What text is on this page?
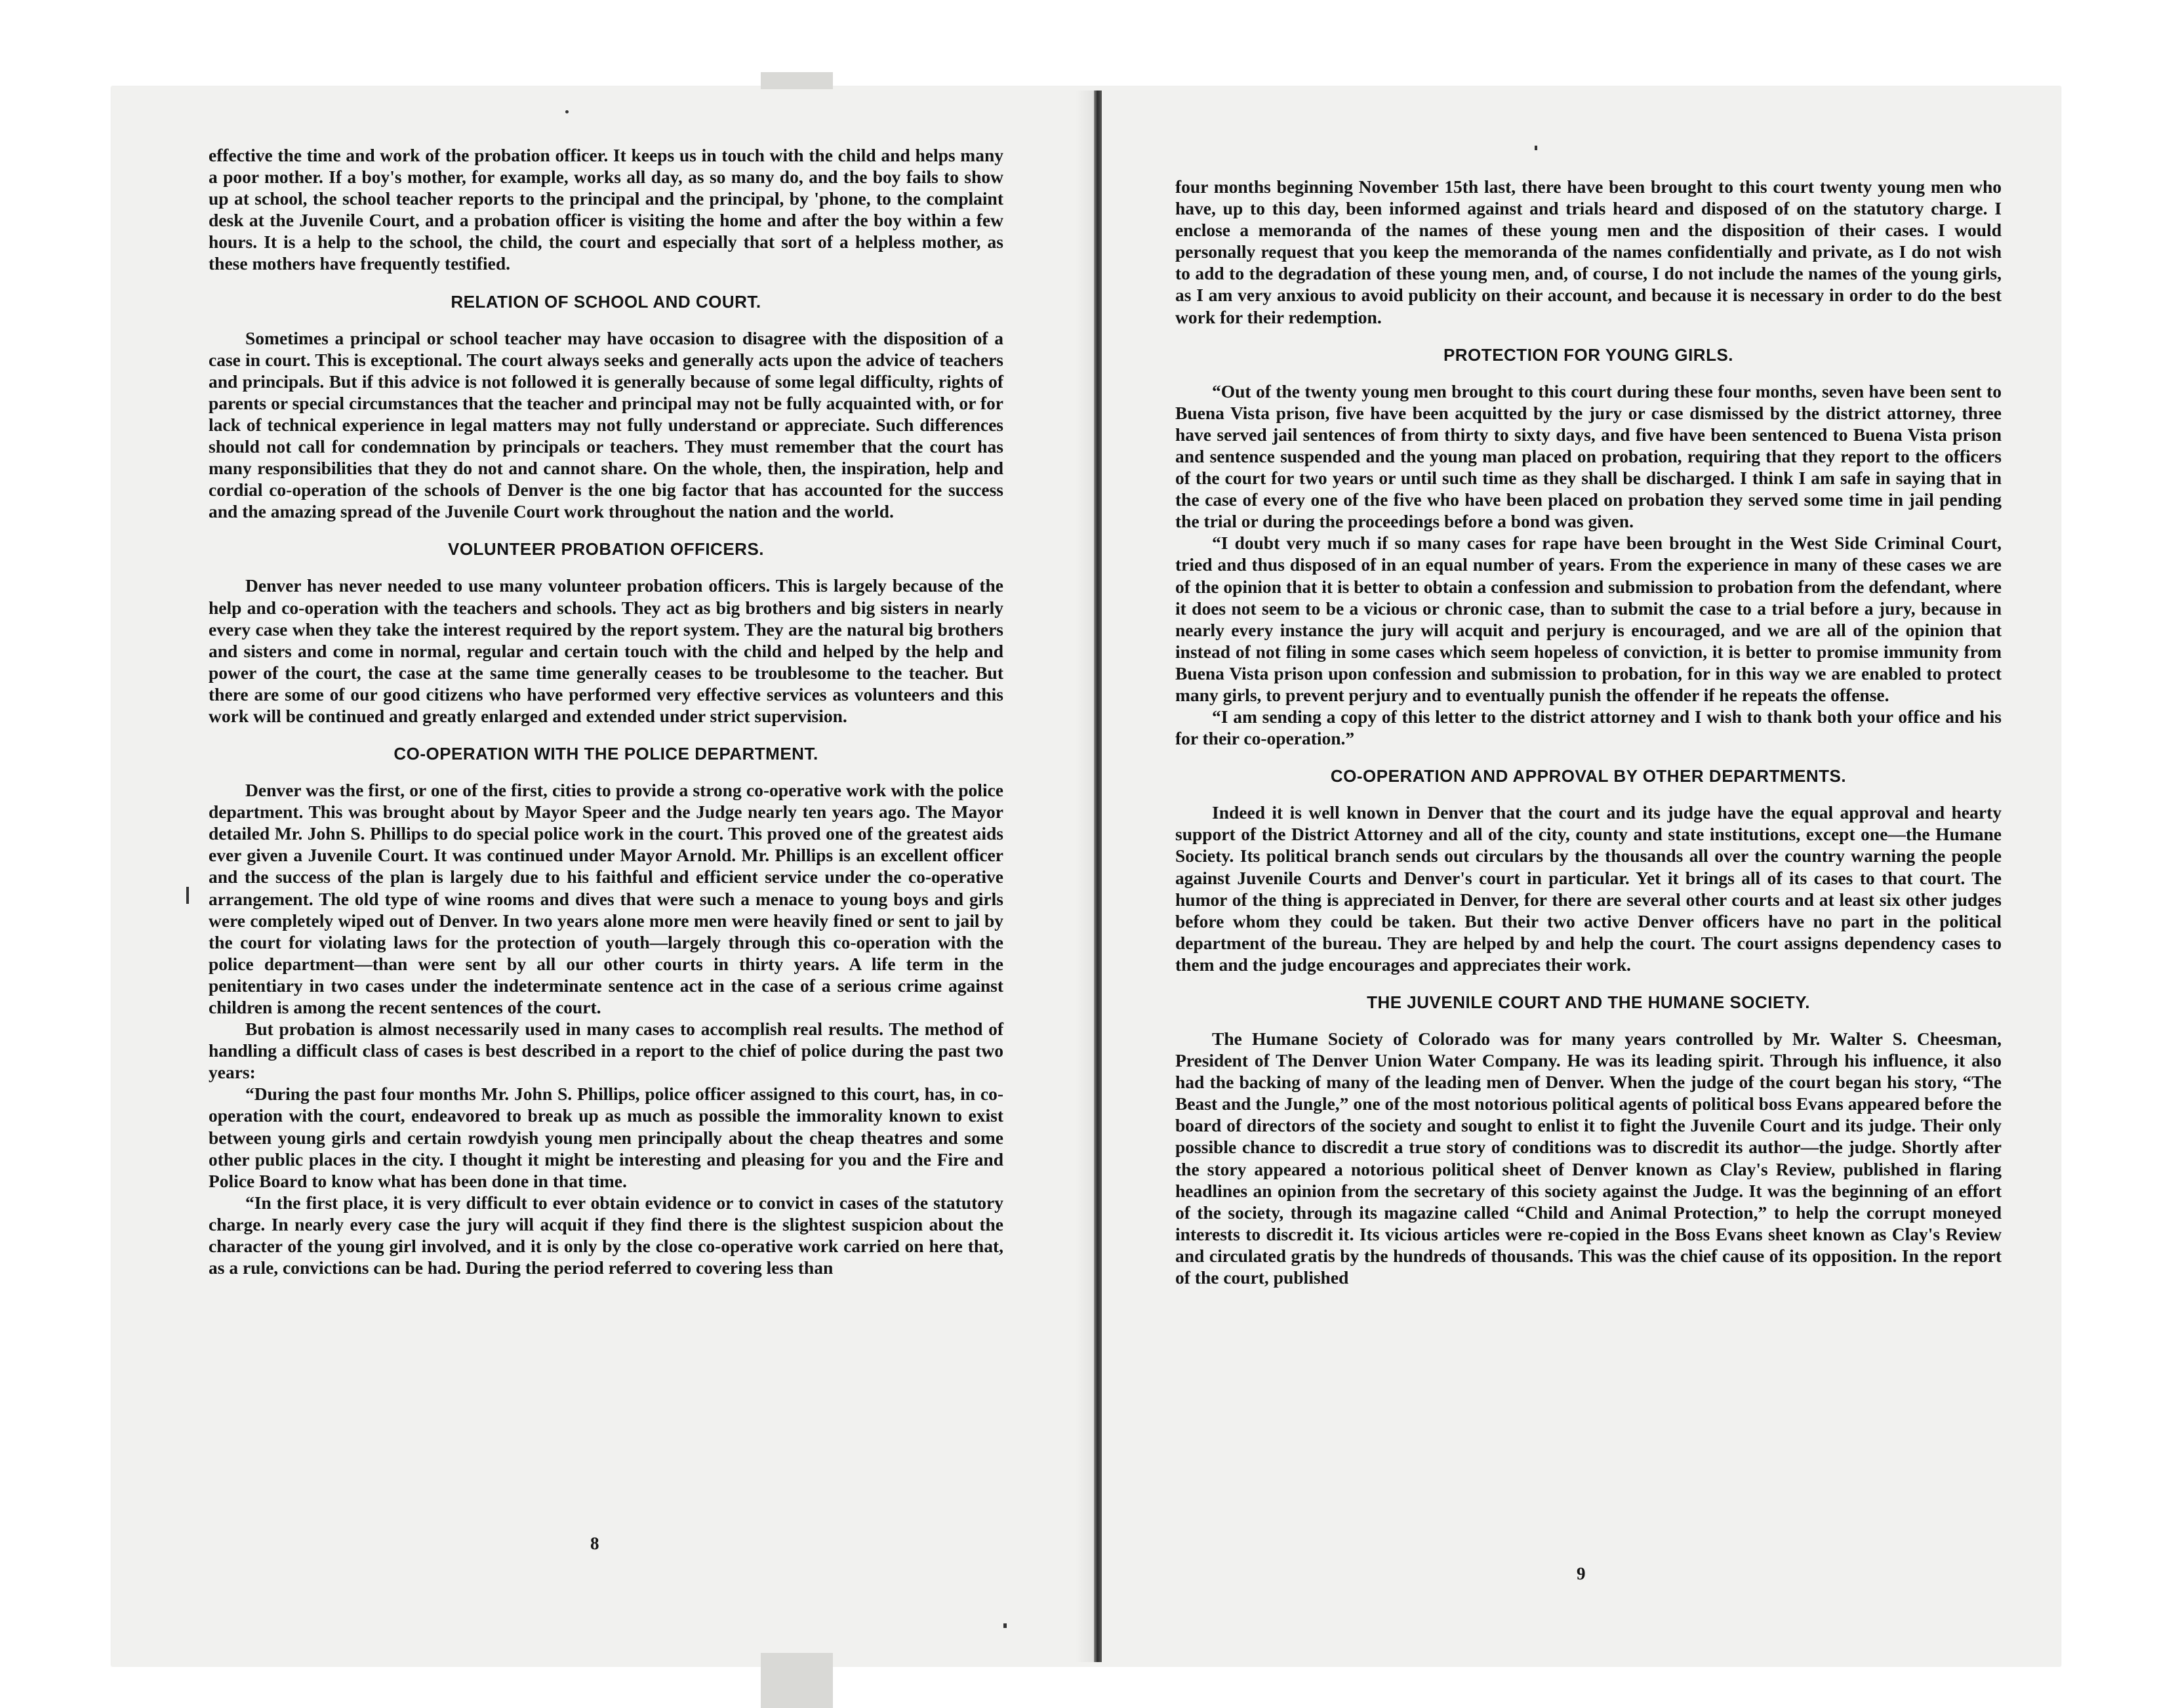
effective the time and work of the probation officer. It keeps us in touch with the child and helps many a poor mother. If a boy's mother, for example, works all day, as so many do, and the boy fails to show up at school, the school teacher reports to the principal and the principal, by 'phone, to the complaint desk at the Juvenile Court, and a probation officer is visiting the home and after the boy within a few hours. It is a help to the school, the child, the court and especially that sort of a helpless mother, as these mothers have frequently testified.

RELATION OF SCHOOL AND COURT.

Sometimes a principal or school teacher may have occasion to disagree with the disposition of a case in court. This is exceptional. The court always seeks and generally acts upon the advice of teachers and principals. But if this advice is not followed it is generally because of some legal difficulty, rights of parents or special circumstances that the teacher and principal may not be fully acquainted with, or for lack of technical experience in legal matters may not fully understand or appreciate. Such differences should not call for condemnation by principals or teachers. They must remember that the court has many responsibilities that they do not and cannot share. On the whole, then, the inspiration, help and cordial co-operation of the schools of Denver is the one big factor that has accounted for the success and the amazing spread of the Juvenile Court work throughout the nation and the world.

VOLUNTEER PROBATION OFFICERS.

Denver has never needed to use many volunteer probation officers. This is largely because of the help and co-operation with the teachers and schools. They act as big brothers and big sisters in nearly every case when they take the interest required by the report system. They are the natural big brothers and sisters and come in normal, regular and certain touch with the child and helped by the help and power of the court, the case at the same time generally ceases to be troublesome to the teacher. But there are some of our good citizens who have performed very effective services as volunteers and this work will be continued and greatly enlarged and extended under strict supervision.

CO-OPERATION WITH THE POLICE DEPARTMENT.

Denver was the first, or one of the first, cities to provide a strong co-operative work with the police department. This was brought about by Mayor Speer and the Judge nearly ten years ago. The Mayor detailed Mr. John S. Phillips to do special police work in the court. This proved one of the greatest aids ever given a Juvenile Court. It was continued under Mayor Arnold. Mr. Phillips is an excellent officer and the success of the plan is largely due to his faithful and efficient service under the co-operative arrangement. The old type of wine rooms and dives that were such a menace to young boys and girls were completely wiped out of Denver. In two years alone more men were heavily fined or sent to jail by the court for violating laws for the protection of youth—largely through this co-operation with the police department—than were sent by all our other courts in thirty years. A life term in the penitentiary in two cases under the indeterminate sentence act in the case of a serious crime against children is among the recent sentences of the court.

But probation is almost necessarily used in many cases to accomplish real results. The method of handling a difficult class of cases is best described in a report to the chief of police during the past two years:

“During the past four months Mr. John S. Phillips, police officer assigned to this court, has, in co-operation with the court, endeavored to break up as much as possible the immorality known to exist between young girls and certain rowdyish young men principally about the cheap theatres and some other public places in the city. I thought it might be interesting and pleasing for you and the Fire and Police Board to know what has been done in that time.

“In the first place, it is very difficult to ever obtain evidence or to convict in cases of the statutory charge. In nearly every case the jury will acquit if they find there is the slightest suspicion about the character of the young girl involved, and it is only by the close co-operative work carried on here that, as a rule, convictions can be had. During the period referred to covering less than

8

four months beginning November 15th last, there have been brought to this court twenty young men who have, up to this day, been informed against and trials heard and disposed of on the statutory charge. I enclose a memoranda of the names of these young men and the disposition of their cases. I would personally request that you keep the memoranda of the names confidentially and private, as I do not wish to add to the degradation of these young men, and, of course, I do not include the names of the young girls, as I am very anxious to avoid publicity on their account, and because it is necessary in order to do the best work for their redemption.

PROTECTION FOR YOUNG GIRLS.

“Out of the twenty young men brought to this court during these four months, seven have been sent to Buena Vista prison, five have been acquitted by the jury or case dismissed by the district attorney, three have served jail sentences of from thirty to sixty days, and five have been sentenced to Buena Vista prison and sentence suspended and the young man placed on probation, requiring that they report to the officers of the court for two years or until such time as they shall be discharged. I think I am safe in saying that in the case of every one of the five who have been placed on probation they served some time in jail pending the trial or during the proceedings before a bond was given.

“I doubt very much if so many cases for rape have been brought in the West Side Criminal Court, tried and thus disposed of in an equal number of years. From the experience in many of these cases we are of the opinion that it is better to obtain a confession and submission to probation from the defendant, where it does not seem to be a vicious or chronic case, than to submit the case to a trial before a jury, because in nearly every instance the jury will acquit and perjury is encouraged, and we are all of the opinion that instead of not filing in some cases which seem hopeless of conviction, it is better to promise immunity from Buena Vista prison upon confession and submission to probation, for in this way we are enabled to protect many girls, to prevent perjury and to eventually punish the offender if he repeats the offense.

“I am sending a copy of this letter to the district attorney and I wish to thank both your office and his for their co-operation.”

CO-OPERATION AND APPROVAL BY OTHER DEPARTMENTS.

Indeed it is well known in Denver that the court and its judge have the equal approval and hearty support of the District Attorney and all of the city, county and state institutions, except one—the Humane Society. Its political branch sends out circulars by the thousands all over the country warning the people against Juvenile Courts and Denver's court in particular. Yet it brings all of its cases to that court. The humor of the thing is appreciated in Denver, for there are several other courts and at least six other judges before whom they could be taken. But their two active Denver officers have no part in the political department of the bureau. They are helped by and help the court. The court assigns dependency cases to them and the judge encourages and appreciates their work.

THE JUVENILE COURT AND THE HUMANE SOCIETY.

The Humane Society of Colorado was for many years controlled by Mr. Walter S. Cheesman, President of The Denver Union Water Company. He was its leading spirit. Through his influence, it also had the backing of many of the leading men of Denver. When the judge of the court began his story, “The Beast and the Jungle,” one of the most notorious political agents of political boss Evans appeared before the board of directors of the society and sought to enlist it to fight the Juvenile Court and its judge. Their only possible chance to discredit a true story of conditions was to discredit its author—the judge. Shortly after the story appeared a notorious political sheet of Denver known as Clay's Review, published in flaring headlines an opinion from the secretary of this society against the Judge. It was the beginning of an effort of the society, through its magazine called “Child and Animal Protection,” to help the corrupt moneyed interests to discredit it. Its vicious articles were re-copied in the Boss Evans sheet known as Clay's Review and circulated gratis by the hundreds of thousands. This was the chief cause of its opposition. In the report of the court, published

9
